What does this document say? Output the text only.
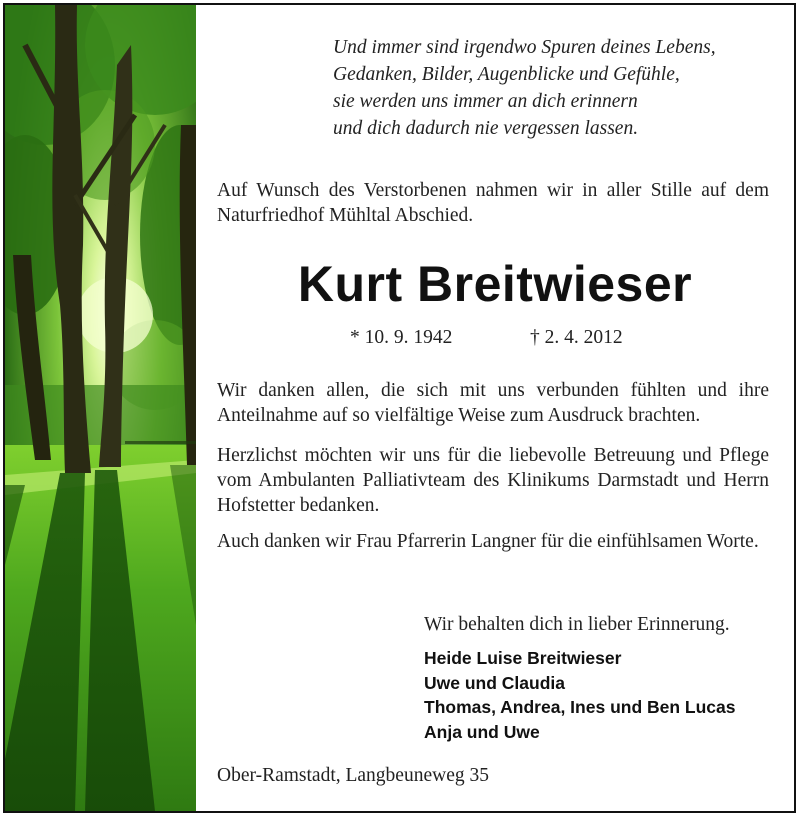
Und immer sind irgendwo Spuren deines Lebens,
Gedanken, Bilder, Augenblicke und Gefühle,
sie werden uns immer an dich erinnern
und dich dadurch nie vergessen lassen.
Auf Wunsch des Verstorbenen nahmen wir in aller Stille auf dem Naturfriedhof Mühltal Abschied.
Kurt Breitwieser
* 10. 9. 1942	† 2. 4. 2012
Wir danken allen, die sich mit uns verbunden fühlten und ihre Anteilnahme auf so vielfältige Weise zum Ausdruck brachten.
Herzlichst möchten wir uns für die liebevolle Betreuung und Pflege vom Ambulanten Palliativteam des Klinikums Darmstadt und Herrn Hofstetter bedanken.
Auch danken wir Frau Pfarrerin Langner für die einfühlsamen Worte.
Wir behalten dich in lieber Erinnerung.
Heide Luise Breitwieser
Uwe und Claudia
Thomas, Andrea, Ines und Ben Lucas
Anja und Uwe
Ober-Ramstadt, Langbeuneweg 35
